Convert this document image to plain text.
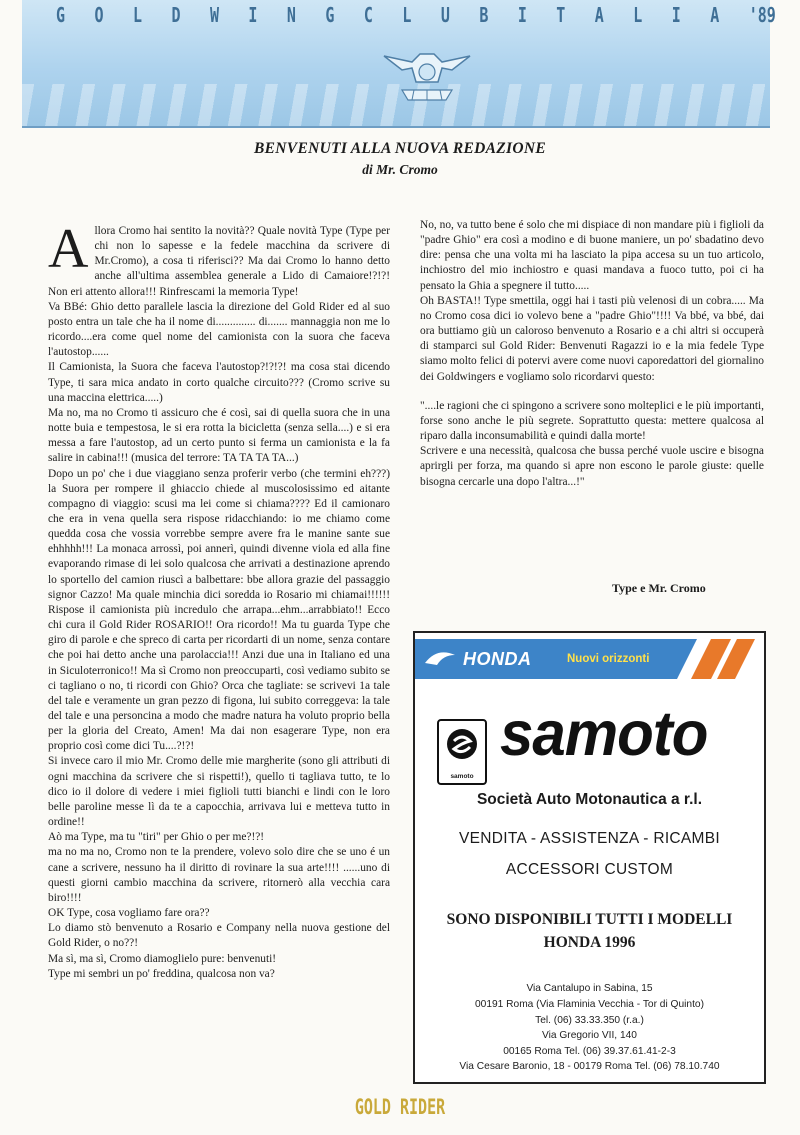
G O L D W I N G C L U B I T A L I A '89
BENVENUTI ALLA NUOVA REDAZIONE
di Mr. Cromo
A llora Cromo hai sentito la novità?? Quale novità Type (Type per chi non lo sapesse e la fedele macchina da scrivere di Mr.Cromo), a cosa ti riferisci?? Ma dai Cromo lo hanno detto anche all'ultima assemblea generale a Lido di Camaiore!?!?! Non eri attento allora!!! Rinfrescami la memoria Type!

Va BBé: Ghio detto parallele lascia la direzione del Gold Rider ed al suo posto entra un tale che ha il nome di.............. di....... mannaggia non me lo ricordo....era come quel nome del camionista con la suora che faceva l'autostop......

Il Camionista, la Suora che faceva l'autostop?!?!?! ma cosa stai dicendo Type, ti sara mica andato in corto qualche circuito??? (Cromo scrive su una maccina elettrica.....)

Ma no, ma no Cromo ti assicuro che é così, sai di quella suora che in una notte buia e tempestosa, le si era rotta la bicicletta (senza sella....) e si era messa a fare l'autostop, ad un certo punto si ferma un camionista e la fa salire in cabina!!! (musica del terrore: TA TA TA TA...)

Dopo un po' che i due viaggiano senza proferir verbo (che termini eh???) la Suora per rompere il ghiaccio chiede al muscolosissimo ed aitante compagno di viaggio: scusi ma lei come si chiama???? Ed il camionaro che era in vena quella sera rispose ridacchiando: io me chiamo come quedda cosa che vossia vorrebbe sempre avere fra le manine sante sue ehhhhh!!! La monaca arrossì, poi annerì, quindi divenne viola ed alla fine evaporando rimase di lei solo qualcosa che arrivati a destinazione aprendo lo sportello del camion riuscì a balbettare: bbe allora grazie del passaggio signor Cazzo! Ma quale minchia dici soredda io Rosario mi chiamai!!!!!! Rispose il camionista più incredulo che arrapa...ehm...arrabbiato!! Ecco chi cura il Gold Rider ROSARIO!! Ora ricordo!! Ma tu guarda Type che giro di parole e che spreco di carta per ricordarti di un nome, senza contare che poi hai detto anche una parolaccia!!! Anzi due una in Italiano ed una in Siculoterronico!! Ma sì Cromo non preoccuparti, così vediamo subito se ci tagliano o no, ti ricordi con Ghio? Orca che tagliate: se scrivevi 1a tale del tale e veramente un gran pezzo di figona, lui subito correggeva: la tale del tale e una personcina a modo che madre natura ha voluto proprio bella per la gloria del Creato, Amen! Ma dai non esagerare Type, non era proprio così come dici Tu....?!?!

Si invece caro il mio Mr. Cromo delle mie margherite (sono gli attributi di ogni macchina da scrivere che si rispetti!), quello ti tagliava tutto, te lo dico io il dolore di vedere i miei figlioli tutti bianchi e lindi con le loro belle paroline messe lì da te a capocchia, arrivava lui e metteva tutto in ordine!!

Aò ma Type, ma tu "tiri" per Ghio o per me?!?!

ma no ma no, Cromo non te la prendere, volevo solo dire che se uno é un cane a scrivere, nessuno ha il diritto di rovinare la sua arte!!!! ......uno di questi giorni cambio macchina da scrivere, ritornerò alla vecchia cara biro!!!!

OK Type, cosa vogliamo fare ora??

Lo diamo stò benvenuto a Rosario e Company nella nuova gestione del Gold Rider, o no??!

Ma sì, ma sì, Cromo diamoglielo pure: benvenuti!

Type mi sembri un po' freddina, qualcosa non va?

No, no, va tutto bene é solo che mi dispiace di non mandare più i figlioli da "padre Ghio" era così a modino e di buone maniere, un po' sbadatino devo dire: pensa che una volta mi ha lasciato la pipa accesa su un tuo articolo, inchiostro del mio inchiostro e quasi mandava a fuoco tutto, poi ci ha pensato la Ghia a spegnere il tutto.....

Oh BASTA!! Type smettila, oggi hai i tasti più velenosi di un cobra..... Ma no Cromo cosa dici io volevo bene a "padre Ghio"!!!! Va bbé, va bbé, dai ora buttiamo giù un caloroso benvenuto a Rosario e a chi altri si occuperà di stamparci sul Gold Rider: Benvenuti Ragazzi io e la mia fedele Type siamo molto felici di potervi avere come nuovi caporedattori del giornalino dei Goldwingers e vogliamo solo ricordarvi questo:

"....le ragioni che ci spingono a scrivere sono molteplici e le più importanti, forse sono anche le più segrete. Soprattutto questa: mettere qualcosa al riparo dalla inconsumabilità e quindi dalla morte!

Scrivere e una necessità, qualcosa che bussa perché vuole uscire e bisogna aprirgli per forza, ma quando si apre non escono le parole giuste: quelle bisogna cercarle una dopo l'altra...!"

Type e Mr. Cromo
HONDA	Nuovi orizzonti
samoto
samoto
Società Auto Motonautica a r.l.
VENDITA - ASSISTENZA - RICAMBI
ACCESSORI CUSTOM
SONO DISPONIBILI TUTTI I MODELLI
HONDA 1996
Via Cantalupo in Sabina, 15
00191 Roma (Via Flaminia Vecchia - Tor di Quinto)
Tel. (06) 33.33.350 (r.a.)
Via Gregorio VII, 140
00165 Roma Tel. (06) 39.37.61.41-2-3
Via Cesare Baronio, 18 - 00179 Roma Tel. (06) 78.10.740
GOLD RIDER
